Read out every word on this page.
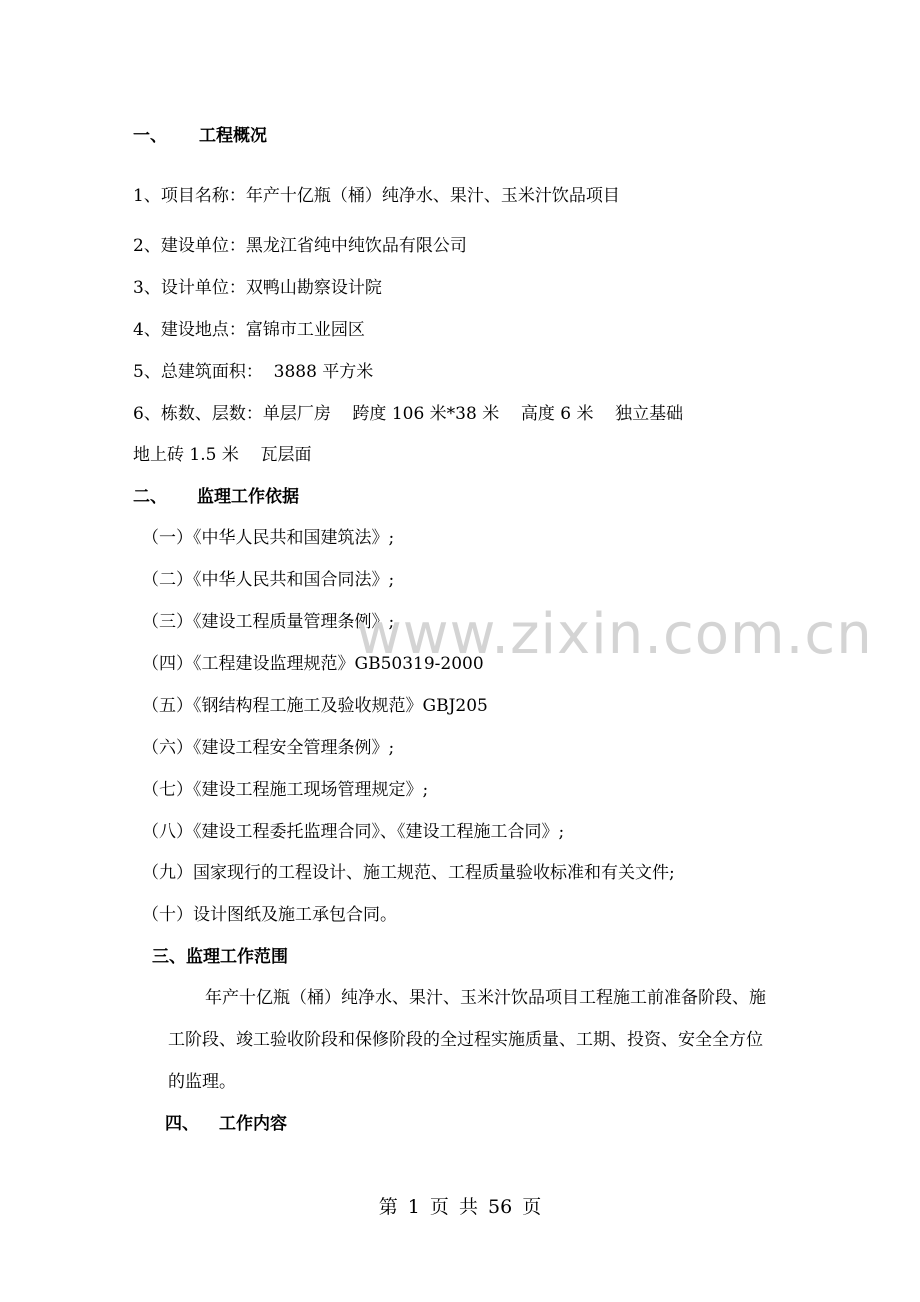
一、 工程概况
1、项目名称：年产十亿瓶（桶）纯净水、果汁、玉米汁饮品项目
2、建设单位：黑龙江省纯中纯饮品有限公司
3、设计单位：双鸭山勘察设计院
4、建设地点：富锦市工业园区
5、总建筑面积：  3888 平方米
6、栋数、层数：单层厂房    跨度 106 米*38 米    高度 6 米    独立基础
地上砖 1.5 米    瓦层面
二、 监理工作依据
（一）《中华人民共和国建筑法》;
（二）《中华人民共和国合同法》;
（三）《建设工程质量管理条例》;
（四）《工程建设监理规范》GB50319-2000
（五）《钢结构程工施工及验收规范》GBJ205
（六）《建设工程安全管理条例》;
（七）《建设工程施工现场管理规定》;
（八）《建设工程委托监理合同》、《建设工程施工合同》;
（九）国家现行的工程设计、施工规范、工程质量验收标准和有关文件;
（十）设计图纸及施工承包合同。
三、监理工作范围
年产十亿瓶（桶）纯净水、果汁、玉米汁饮品项目工程施工前准备阶段、施
工阶段、竣工验收阶段和保修阶段的全过程实施质量、工期、投资、安全全方位
的监理。
四、 工作内容
www.zixin.com.cn
第 1 页 共 56 页
